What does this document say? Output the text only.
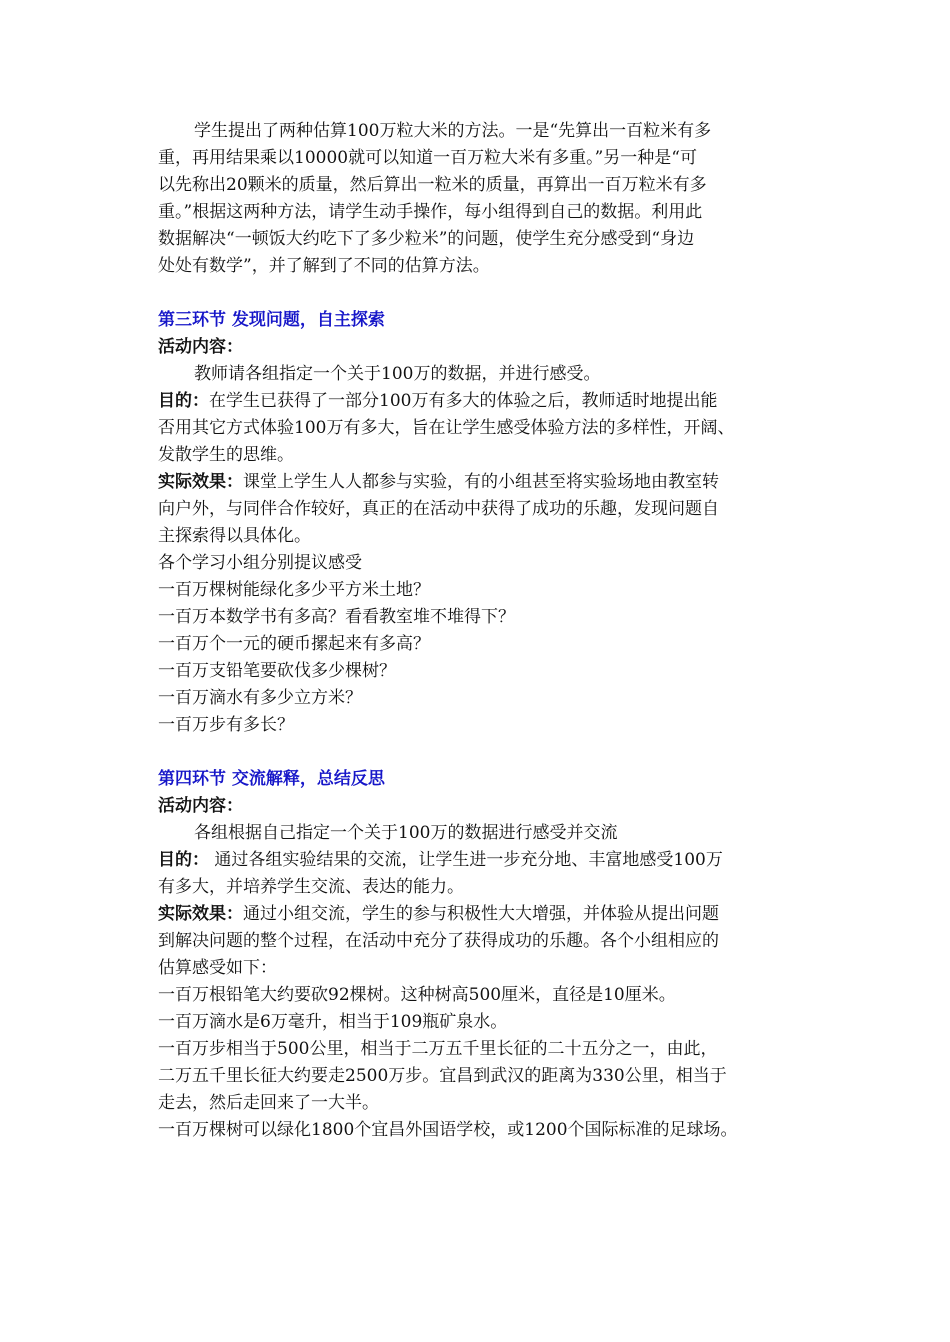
学生提出了两种估算100万粒大米的方法。一是“先算出一百粒米有多
重，再用结果乘以10000就可以知道一百万粒大米有多重。”另一种是“可
以先称出20颗米的质量，然后算出一粒米的质量，再算出一百万粒米有多
重。”根据这两种方法，请学生动手操作，每小组得到自己的数据。利用此
数据解决“一顿饭大约吃下了多少粒米”的问题，使学生充分感受到“身边
处处有数学”，并了解到了不同的估算方法。
第三环节 发现问题，自主探索
活动内容：
教师请各组指定一个关于100万的数据，并进行感受。
目的：在学生已获得了一部分100万有多大的体验之后，教师适时地提出能
否用其它方式体验100万有多大，旨在让学生感受体验方法的多样性，开阔、
发散学生的思维。
实际效果：课堂上学生人人都参与实验，有的小组甚至将实验场地由教室转
向户外，与同伴合作较好，真正的在活动中获得了成功的乐趣，发现问题自
主探索得以具体化。
各个学习小组分别提议感受
一百万棵树能绿化多少平方米土地？
一百万本数学书有多高？看看教室堆不堆得下？
一百万个一元的硬币摞起来有多高？
一百万支铅笔要砍伐多少棵树？
一百万滴水有多少立方米？
一百万步有多长？
第四环节 交流解释，总结反思
活动内容：
各组根据自己指定一个关于100万的数据进行感受并交流
目的： 通过各组实验结果的交流，让学生进一步充分地、丰富地感受100万
有多大，并培养学生交流、表达的能力。
实际效果：通过小组交流，学生的参与积极性大大增强，并体验从提出问题
到解决问题的整个过程，在活动中充分了获得成功的乐趣。各个小组相应的
估算感受如下：
一百万根铅笔大约要砍92棵树。这种树高500厘米，直径是10厘米。
一百万滴水是6万毫升，相当于109瓶矿泉水。
一百万步相当于500公里，相当于二万五千里长征的二十五分之一，由此，
二万五千里长征大约要走2500万步。宜昌到武汉的距离为330公里，相当于
走去，然后走回来了一大半。
一百万棵树可以绿化1800个宜昌外国语学校，或1200个国际标准的足球场。
